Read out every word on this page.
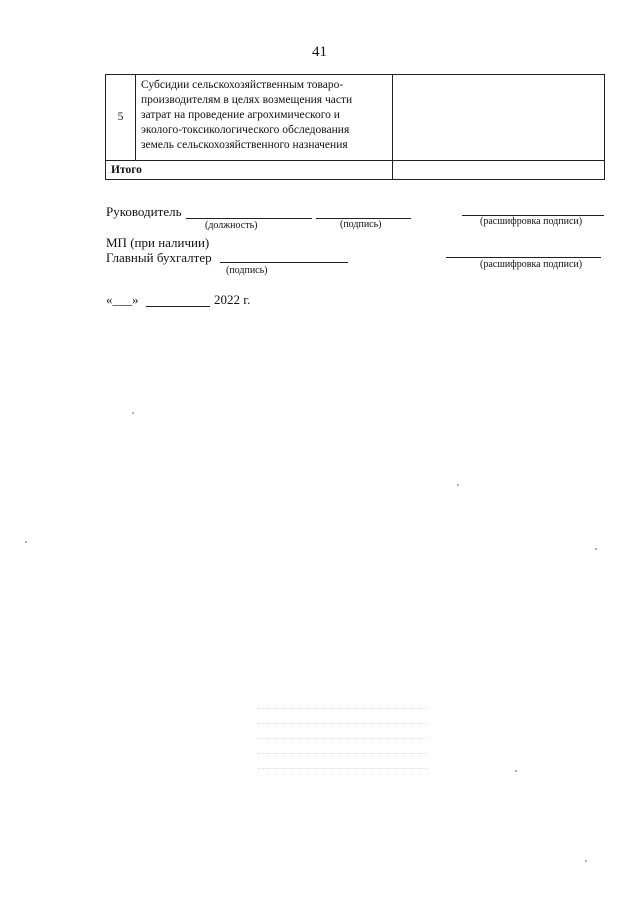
41
5	Субсидии сельскохозяйственным товаро-
производителям в целях возмещения части
затрат на проведение агрохимического и
эколого-токсикологического обследования
земель сельскохозяйственного назначения	

Итого		
Руководитель
(должность)	(подпись)	(расшифровка подписи)
МП (при наличии)
Главный бухгалтер
(подпись)
(расшифровка подписи)
«___»	2022 г.
